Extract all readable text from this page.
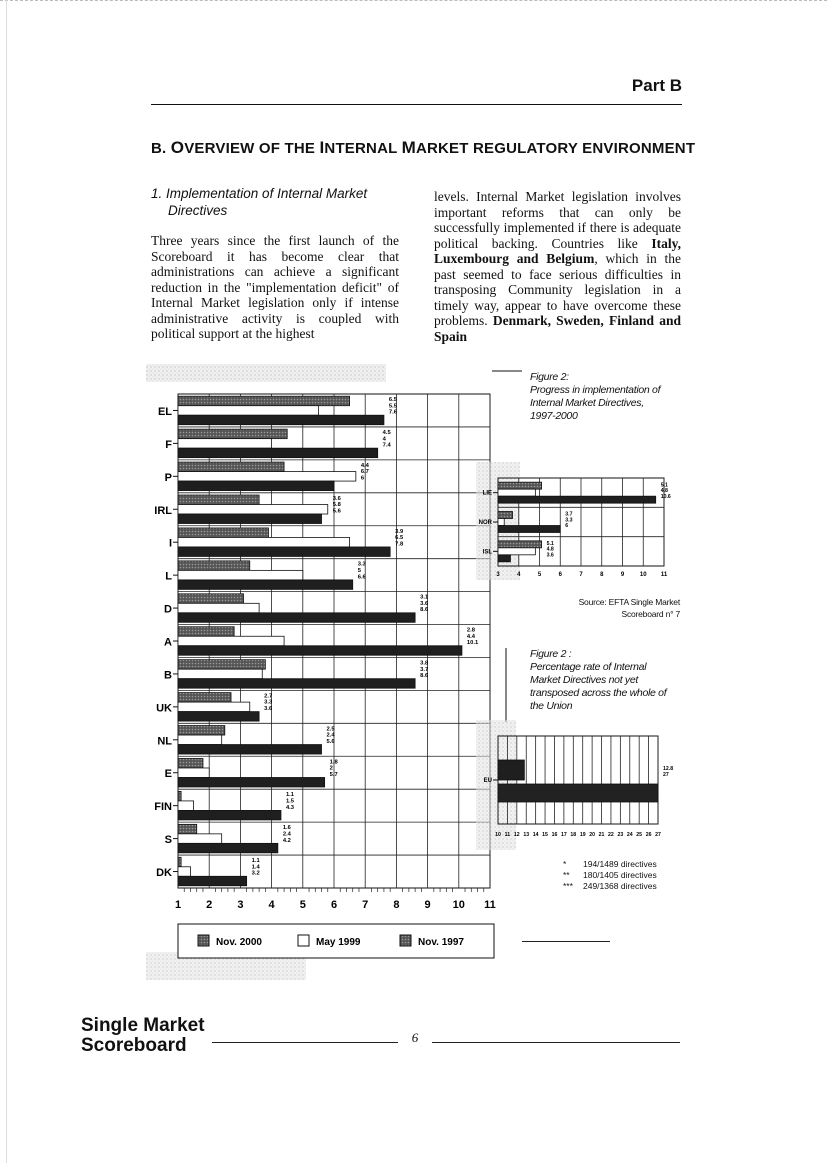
Part B
B. OVERVIEW OF THE INTERNAL MARKET REGULATORY ENVIRONMENT
1. Implementation of Internal Market
Directives

Three years since the first launch of the Scoreboard it has become clear that administrations can achieve a significant reduction in the "implementation deficit" of Internal Market legislation only if intense administrative activity is coupled with political support at the highest

levels. Internal Market legislation involves important reforms that can only be successfully implemented if there is adequate political backing. Countries like Italy, Luxembourg and Belgium, which in the past seemed to face serious difficulties in transposing Community legislation in a timely way, appear to have overcome these problems. Denmark, Sweden, Finland and Spain

EL
F
P
IRL
I
L
D
A
B
UK
NL
E
FIN
S
DK
6.5
5.5
7.6
4.5
4
7.4
4.4
6.7
6
3.6
5.8
5.6
3.9
6.5
7.8
3.3
5
6.6
3.1
3.6
8.6
2.8
4.4
10.1
3.8
3.7
8.6
2.7
3.3
3.6
2.5
2.4
5.6
1.8
2
5.7
1.1
1.5
4.3
1.6
2.4
4.2
1.1
1.4
3.2
1 2 3 4 5 6 7 8 9 10 11
Nov. 2000	May 1999	Nov. 1997
LIE
NOR
ISL
5.1
4.8
10.6
3.7
3.3
6
5.1
4.8
3.6
3	4	5	6	7	8	9	10 11
EU
12.8
27
10 11 12 13 14 15 16 17 18 19 20 21 22 23 24 25 26 27
Figure 2:
Progress in implementation of
Internal Market Directives,
1997-2000
Source: EFTA Single Market
Scoreboard n° 7
Figure 2 :
Percentage rate of Internal
Market Directives not yet
transposed across the whole of
the Union
* 194/1489 directives
** 180/1405 directives
*** 249/1368 directives
Single Market
Scoreboard	6
